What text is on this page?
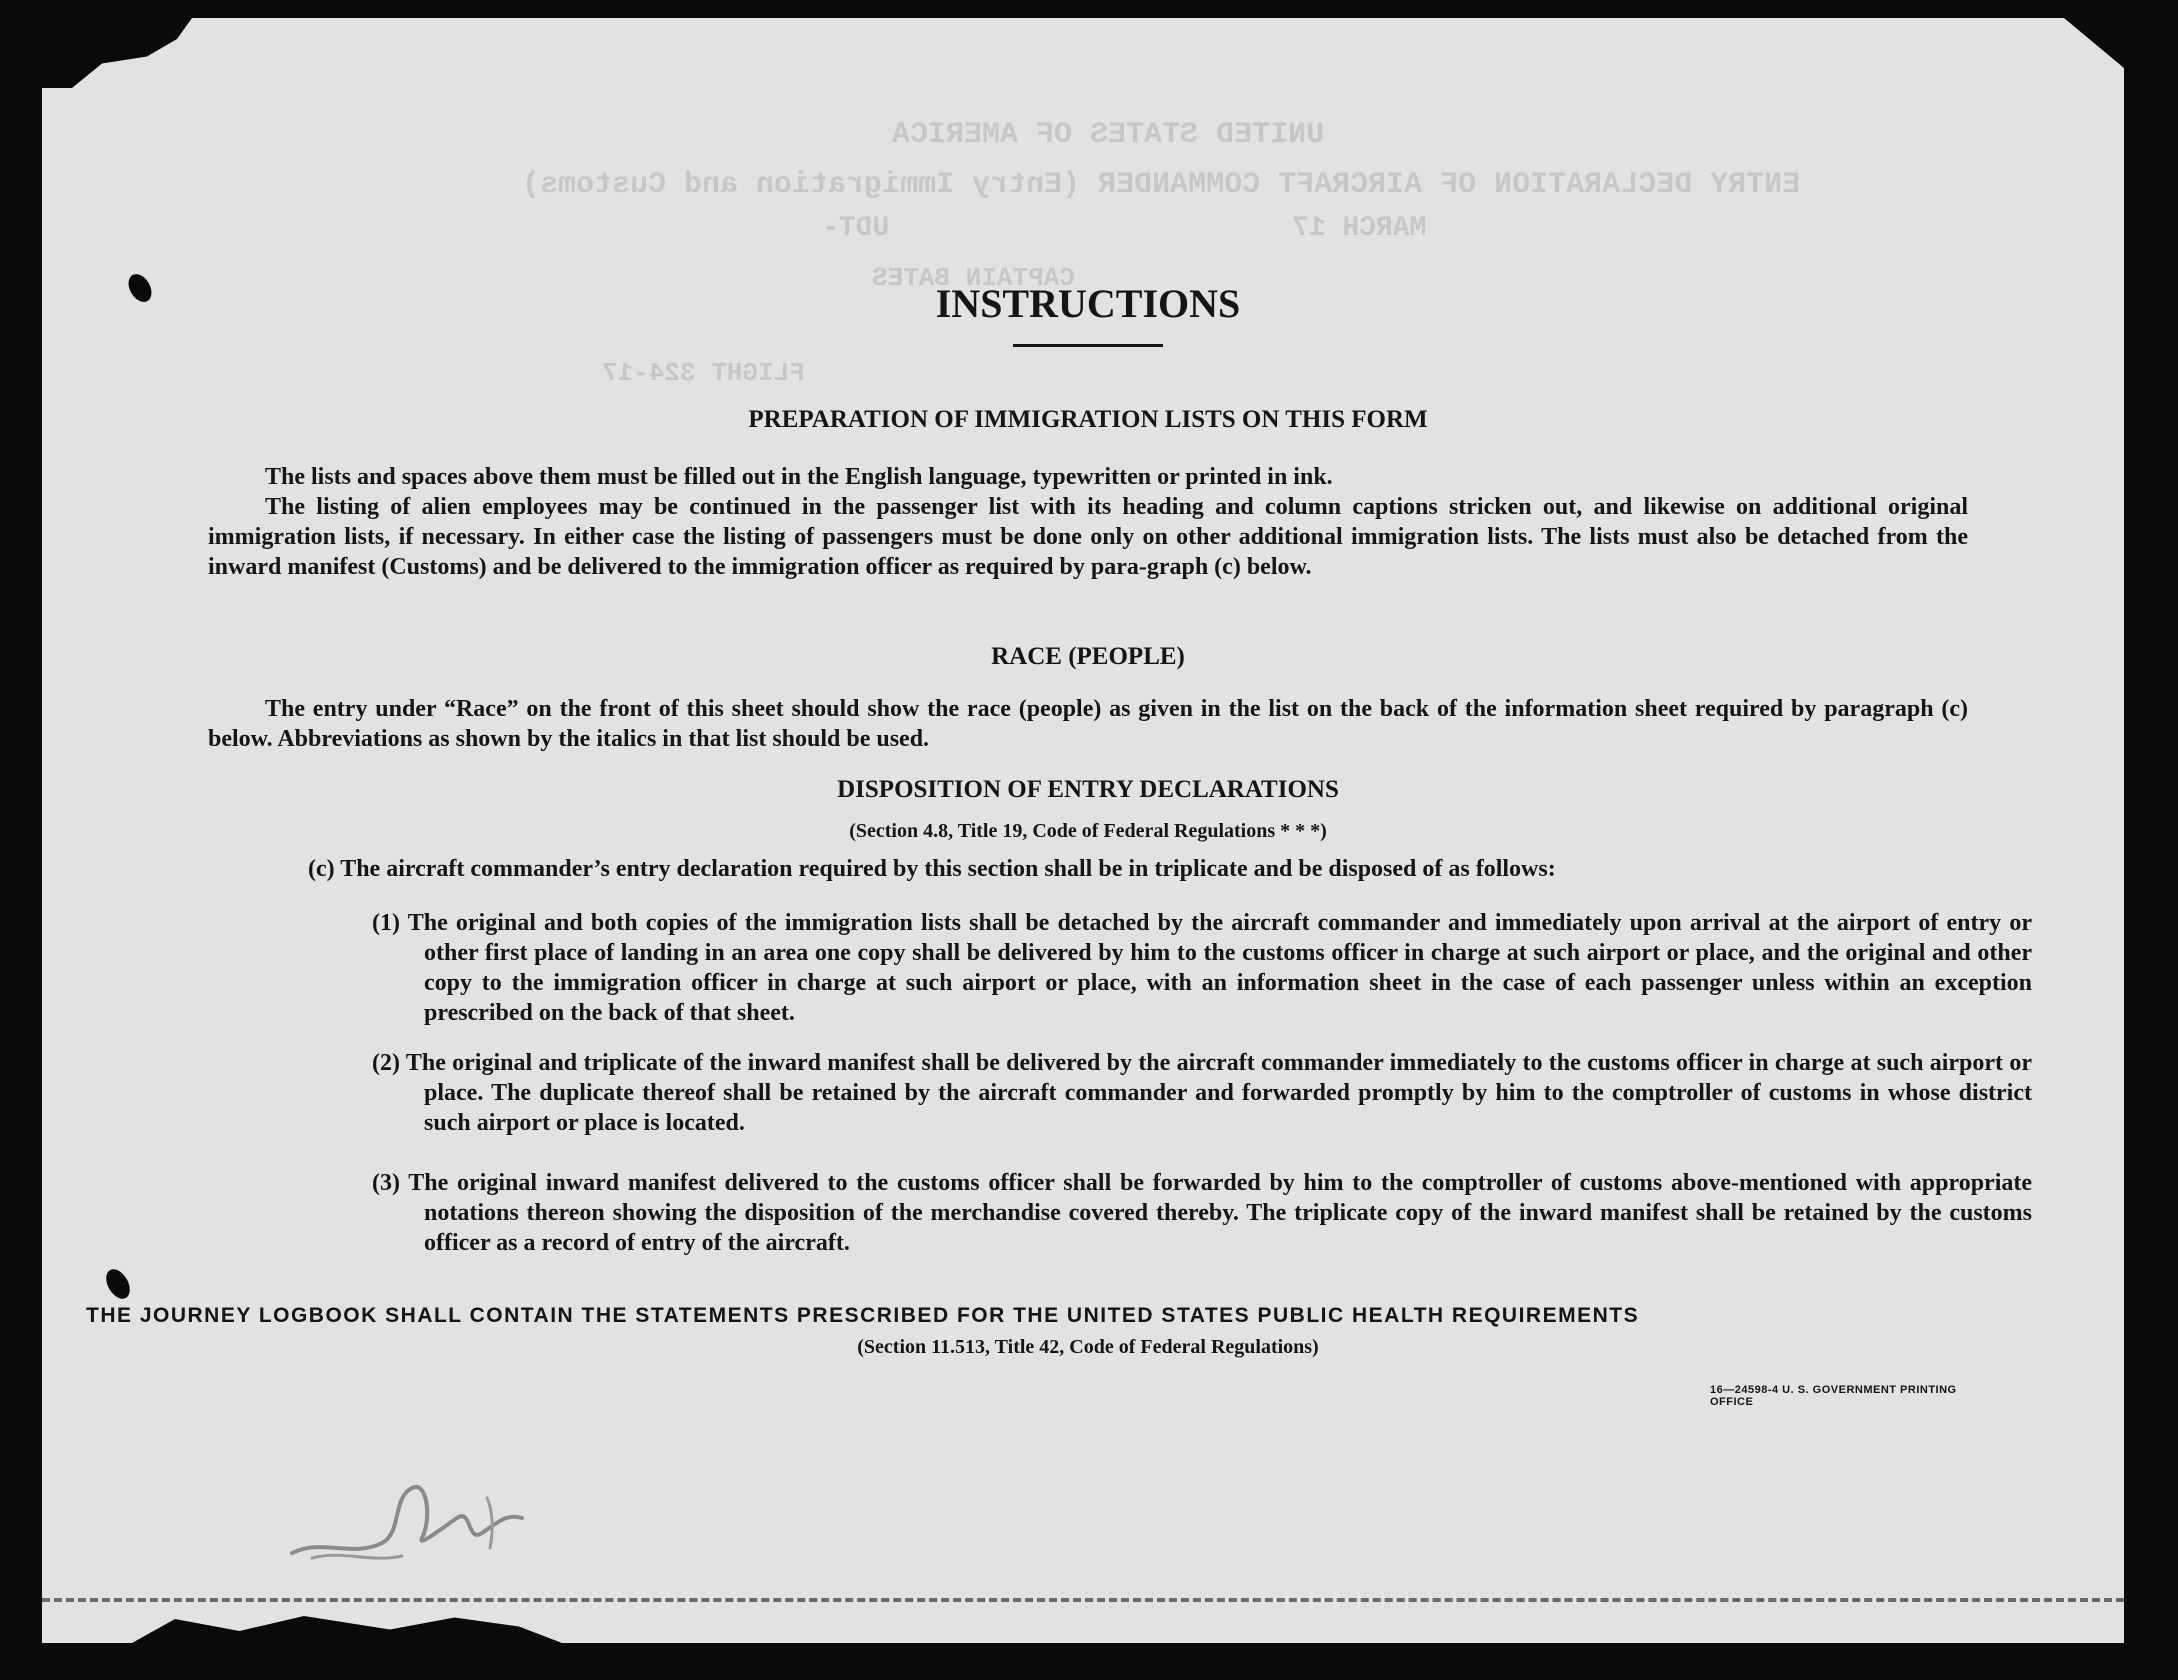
UNITED STATES OF AMERICA
ENTRY DECLARATION OF AIRCRAFT COMMANDER (Entry Immigration and Customs)
MARCH 17
UDT-
CAPTAIN BATES
FLIGHT 324-17
INSTRUCTIONS
PREPARATION OF IMMIGRATION LISTS ON THIS FORM

The lists and spaces above them must be filled out in the English language, typewritten or printed in ink.

The listing of alien employees may be continued in the passenger list with its heading and column captions stricken out, and likewise on additional original immigration lists, if necessary. In either case the listing of passengers must be done only on other additional immigration lists. The lists must also be detached from the inward manifest (Customs) and be delivered to the immigration officer as required by para-graph (c) below.

RACE (PEOPLE)

The entry under “Race” on the front of this sheet should show the race (people) as given in the list on the back of the information sheet required by paragraph (c) below. Abbreviations as shown by the italics in that list should be used.

DISPOSITION OF ENTRY DECLARATIONS

(Section 4.8, Title 19, Code of Federal Regulations * * *)

(c) The aircraft commander’s entry declaration required by this section shall be in triplicate and be disposed of as follows:

(1) The original and both copies of the immigration lists shall be detached by the aircraft commander and immediately upon arrival at the airport of entry or other first place of landing in an area one copy shall be delivered by him to the customs officer in charge at such airport or place, and the original and other copy to the immigration officer in charge at such airport or place, with an information sheet in the case of each passenger unless within an exception prescribed on the back of that sheet.

(2) The original and triplicate of the inward manifest shall be delivered by the aircraft commander immediately to the customs officer in charge at such airport or place. The duplicate thereof shall be retained by the aircraft commander and forwarded promptly by him to the comptroller of customs in whose district such airport or place is located.

(3) The original inward manifest delivered to the customs officer shall be forwarded by him to the comptroller of customs above-mentioned with appropriate notations thereon showing the disposition of the merchandise covered thereby. The triplicate copy of the inward manifest shall be retained by the customs officer as a record of entry of the aircraft.

(Section 11.513, Title 42, Code of Federal Regulations)
16—24598-4 U. S. GOVERNMENT PRINTING OFFICE

THE JOURNEY LOGBOOK SHALL CONTAIN THE STATEMENTS PRESCRIBED FOR THE UNITED STATES PUBLIC HEALTH REQUIREMENTS
